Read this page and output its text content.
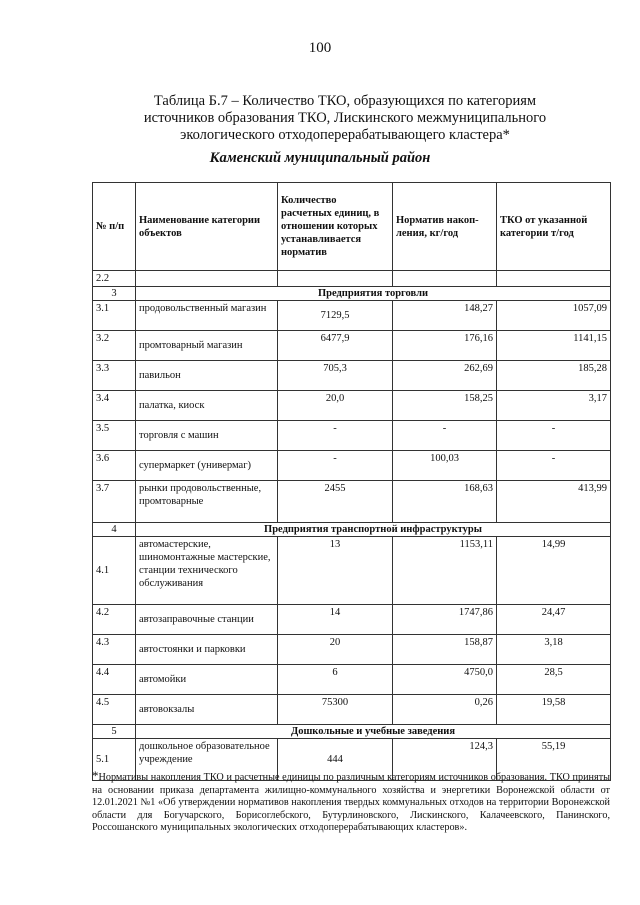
100
Таблица Б.7 – Количество ТКО, образующихся по категориям источников образования ТКО, Лискинского межмуниципального экологического отходоперерабатывающего кластера*
Каменский муниципальный район
№ п/п	Наименование категории объектов	Количество расчетных единиц, в отношении которых устанавливается норматив	Норматив накоп-ления, кг/год	ТКО от указанной категории т/год
2.2				
3	Предприятия торговли			
3.1	продовольственный магазин	7129,5	148,27	1057,09
3.2	промтоварный магазин	6477,9	176,16	1141,15
3.3	павильон	705,3	262,69	185,28
3.4	палатка, киоск	20,0	158,25	3,17
3.5	торговля с машин	-	-	-
3.6	супермаркет (универмаг)	-	100,03	-
3.7	рынки продовольственные, промтоварные	2455	168,63	413,99
4	Предприятия транспортной инфраструктуры			
4.1	автомастерские, шиномонтажные мастерские, станции технического обслуживания	13	1153,11	14,99
4.2	автозаправочные станции	14	1747,86	24,47
4.3	автостоянки и парковки	20	158,87	3,18
4.4	автомойки	6	4750,0	28,5
4.5	автовокзалы	75300	0,26	19,58
5	Дошкольные и учебные заведения			
5.1	дошкольное образовательное учреждение	444	124,3	55,19
*Нормативы накопления ТКО и расчетные единицы по различным категориям источников образования. ТКО приняты на основании приказа департамента жилищно-коммунального хозяйства и энергетики Воронежской области от 12.01.2021 №1 «Об утверждении нормативов накопления твердых коммунальных отходов на территории Воронежской области для Богучарского, Борисоглебского, Бутурлиновского, Лискинского, Калачеевского, Панинского, Россошанского муниципальных экологических отходоперерабатывающих кластеров».
